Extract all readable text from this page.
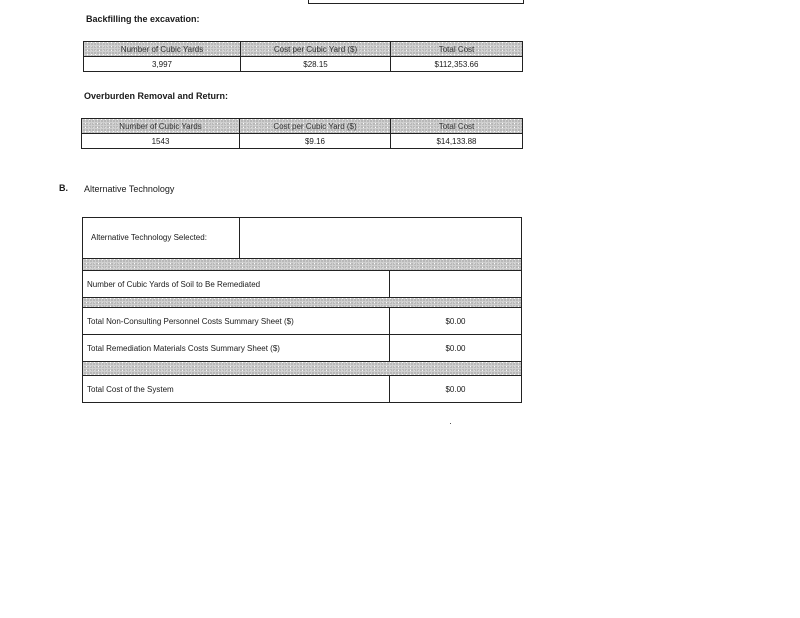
Backfilling the excavation:
Number of Cubic Yards	Cost per Cubic Yard ($)	Total Cost
3,997	$28.15	$112,353.66
Overburden Removal and Return:
Number of Cubic Yards	Cost per Cubic Yard ($)	Total Cost
1543	$9.16	$14,133.88
B. Alternative Technology
Alternative Technology Selected:		

Number of Cubic Yards of Soil to Be Remediated		

Total Non-Consulting Personnel Costs Summary Sheet ($)		$0.00
Total Remediation Materials Costs Summary Sheet ($)		$0.00

Total Cost of the System		$0.00
